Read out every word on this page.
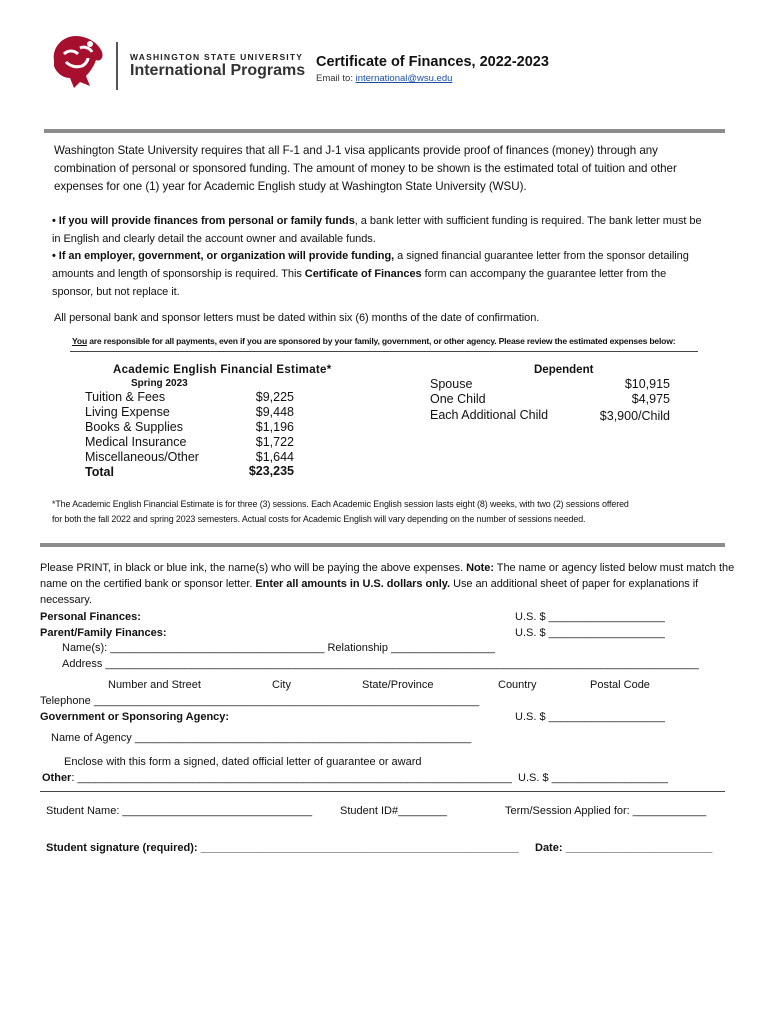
WASHINGTON STATE UNIVERSITY
International Programs Certificate of Finances, 2022-2023
Email to: international@wsu.edu
Washington State University requires that all F-1 and J-1 visa applicants provide proof of finances (money) through any
combination of personal or sponsored funding. The amount of money to be shown is the estimated total of tuition and other
expenses for one (1) year for Academic English study at Washington State University (WSU).
• If you will provide finances from personal or family funds, a bank letter with sufficient funding is required. The bank letter must be
in English and clearly detail the account owner and available funds.
• If an employer, government, or organization will provide funding, a signed financial guarantee letter from the sponsor detailing
amounts and length of sponsorship is required. This Certificate of Finances form can accompany the guarantee letter from the
sponsor, but not replace it.
All personal bank and sponsor letters must be dated within six (6) months of the date of confirmation.
You are responsible for all payments, even if you are sponsored by your family, government, or other agency. Please review the estimated expenses below:
Academic English Financial Estimate*
Spring 2023
Tuition & Fees	$9,225
Living Expense	$9,448
Books & Supplies	$1,196
Medical Insurance	$1,722
Miscellaneous/Other	$1,644
Total	$23,235
Dependent
Spouse	$10,915
One Child	$4,975
Each Additional Child	$3,900/Child
*The Academic English Financial Estimate is for three (3) sessions. Each Academic English session lasts eight (8) weeks, with two (2) sessions offered
for both the fall 2022 and spring 2023 semesters. Actual costs for Academic English will vary depending on the number of sessions needed.
Please PRINT, in black or blue ink, the name(s) who will be paying the above expenses. Note: The name or agency listed below must match the
name on the certified bank or sponsor letter. Enter all amounts in U.S. dollars only. Use an additional sheet of paper for explanations if
necessary.
Personal Finances:	U.S. $ ___________________
Parent/Family Finances:	U.S. $ ___________________
Name(s): ___________________________________ Relationship _________________
Address _________________________________________________________________________________________________
Number and Street	City	State/Province	Country	Postal Code
Telephone _______________________________________________________________
Government or Sponsoring Agency:	U.S. $ ___________________
Name of Agency _______________________________________________________
Enclose with this form a signed, dated official letter of guarantee or award
Other: _______________________________________________________________________ U.S. $ ___________________
Student Name: _______________________________	Student ID#________	Term/Session Applied for: ____________
Student signature (required): ____________________________________________________ Date: ________________________
